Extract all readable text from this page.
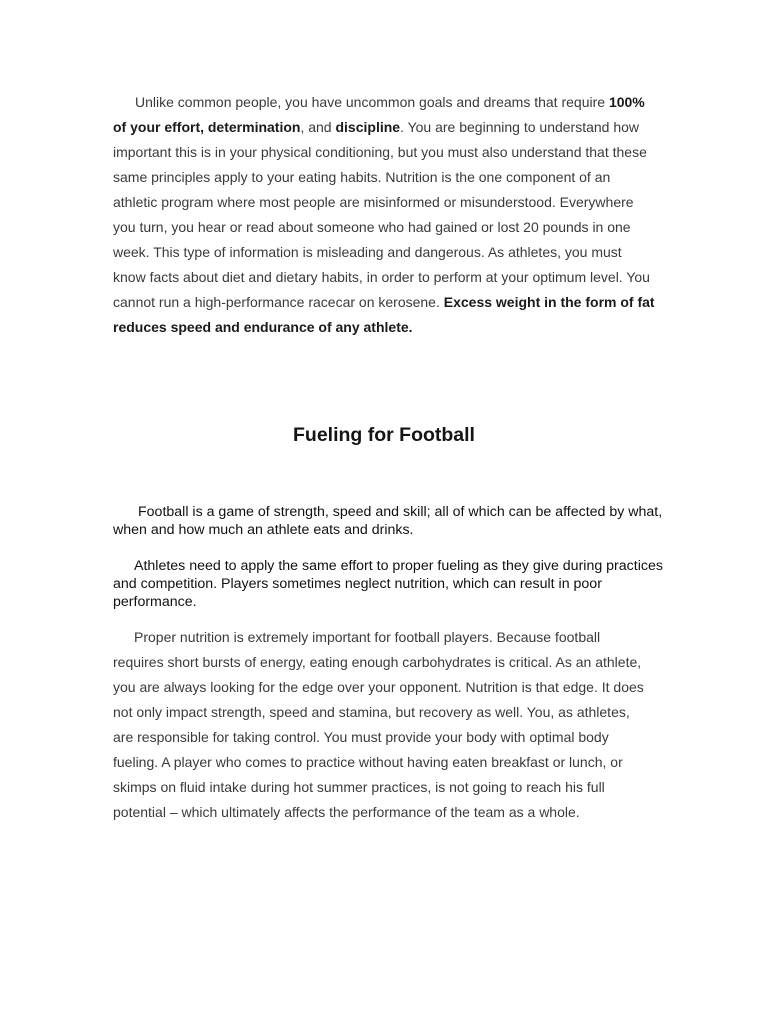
Unlike common people, you have uncommon goals and dreams that require 100% of your effort, determination, and discipline. You are beginning to understand how important this is in your physical conditioning, but you must also understand that these same principles apply to your eating habits. Nutrition is the one component of an athletic program where most people are misinformed or misunderstood. Everywhere you turn, you hear or read about someone who had gained or lost 20 pounds in one week. This type of information is misleading and dangerous. As athletes, you must know facts about diet and dietary habits, in order to perform at your optimum level. You cannot run a high-performance racecar on kerosene. Excess weight in the form of fat reduces speed and endurance of any athlete.

Fueling for Football

Football is a game of strength, speed and skill; all of which can be affected by what, when and how much an athlete eats and drinks.

Athletes need to apply the same effort to proper fueling as they give during practices and competition. Players sometimes neglect nutrition, which can result in poor performance.

Proper nutrition is extremely important for football players. Because football requires short bursts of energy, eating enough carbohydrates is critical. As an athlete, you are always looking for the edge over your opponent. Nutrition is that edge. It does not only impact strength, speed and stamina, but recovery as well. You, as athletes, are responsible for taking control. You must provide your body with optimal body fueling. A player who comes to practice without having eaten breakfast or lunch, or skimps on fluid intake during hot summer practices, is not going to reach his full potential – which ultimately affects the performance of the team as a whole.
